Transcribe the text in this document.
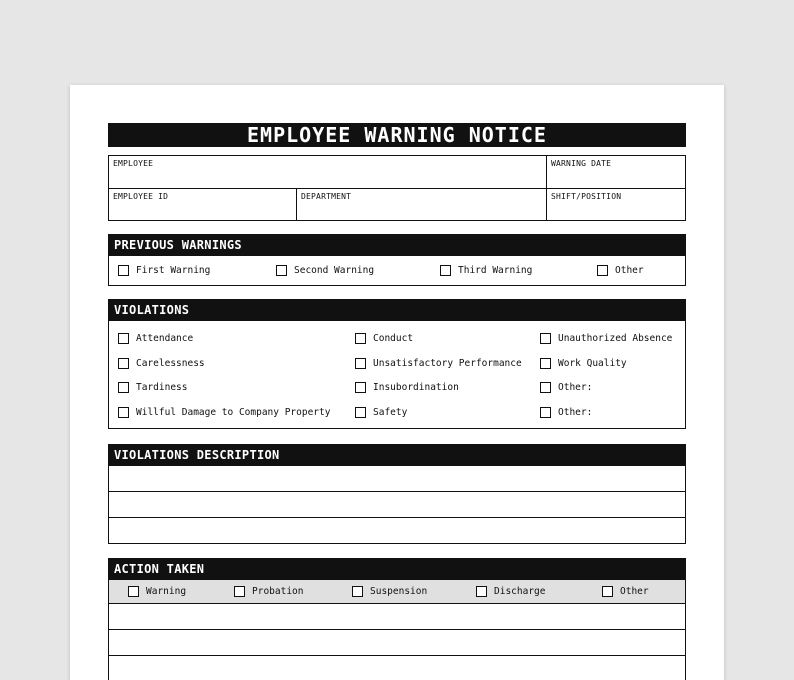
EMPLOYEE WARNING NOTICE
EMPLOYEE	WARNING DATE
EMPLOYEE ID	DEPARTMENT	SHIFT/POSITION
PREVIOUS WARNINGS
First Warning	Second Warning	Third Warning	Other
VIOLATIONS
Attendance
Carelessness
Tardiness
Willful Damage to Company Property
Conduct
Unsatisfactory Performance
Insubordination
Safety
Unauthorized Absence
Work Quality
Other:
Other:
VIOLATIONS DESCRIPTION
ACTION TAKEN
Warning	Probation	Suspension	Discharge	Other
